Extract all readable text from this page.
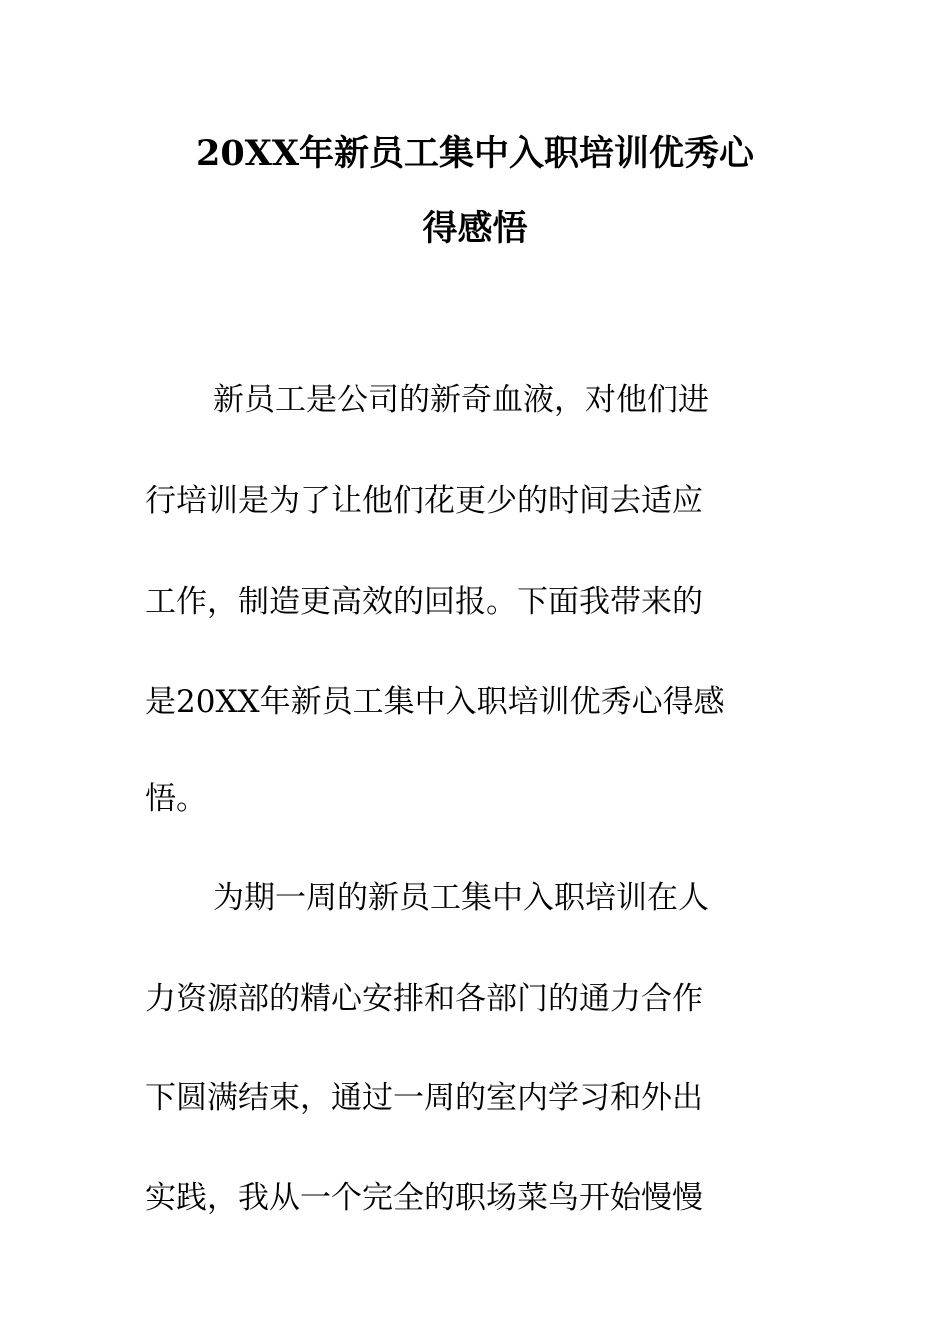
20XX年新员工集中入职培训优秀心
得感悟
新员工是公司的新奇血液，对他们进
行培训是为了让他们花更少的时间去适应
工作，制造更高效的回报。下面我带来的
是20XX年新员工集中入职培训优秀心得感
悟。
为期一周的新员工集中入职培训在人
力资源部的精心安排和各部门的通力合作
下圆满结束，通过一周的室内学习和外出
实践，我从一个完全的职场菜鸟开始慢慢
